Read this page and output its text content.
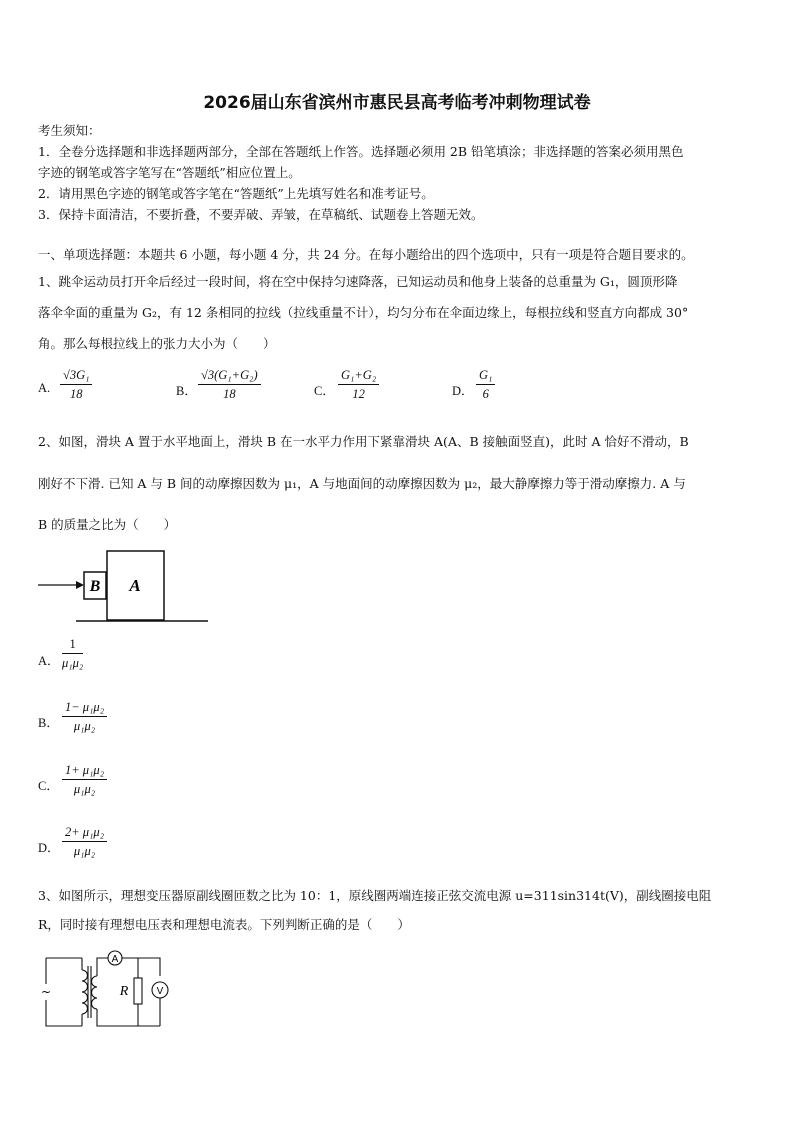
2026届山东省滨州市惠民县高考临考冲刺物理试卷
考生须知：
1．全卷分选择题和非选择题两部分，全部在答题纸上作答。选择题必须用 2B 铅笔填涂；非选择题的答案必须用黑色
字迹的钢笔或答字笔写在“答题纸”相应位置上。
2．请用黑色字迹的钢笔或答字笔在“答题纸”上先填写姓名和准考证号。
3．保持卡面清洁，不要折叠，不要弄破、弄皱，在草稿纸、试题卷上答题无效。
一、单项选择题：本题共 6 小题，每小题 4 分，共 24 分。在每小题给出的四个选项中，只有一项是符合题目要求的。
1、跳伞运动员打开伞后经过一段时间，将在空中保持匀速降落，已知运动员和他身上装备的总重量为 G₁，圆顶形降
落伞伞面的重量为 G₂，有 12 条相同的拉线（拉线重量不计），均匀分布在伞面边缘上，每根拉线和竖直方向都成 30°
角。那么每根拉线上的张力大小为（　　）
A. $\frac{\text{√3G₁}}{18}$	B． $\frac{\text{√3(G₁+G₂)}}{18}$	C． $\frac{\text{G₁+G₂}}{12}$	D． $\frac{\text{G₁}}{6}$
2、如图，滑块 A 置于水平地面上，滑块 B 在一水平力作用下紧靠滑块 A(A、B 接触面竖直)，此时 A 恰好不滑动，B
刚好不下滑. 已知 A 与 B 间的动摩擦因数为 μ₁，A 与地面间的动摩擦因数为 μ₂，最大静摩擦力等于滑动摩擦力. A 与
B 的质量之比为（　　）
B A
A． $\frac{1}{\text{μ₁μ₂}}$
B． $\frac{\text{1− μ₁μ₂}}{\text{μ₁μ₂}}$
C． $\frac{\text{1+ μ₁μ₂}}{\text{μ₁μ₂}}$
D． $\frac{\text{2+ μ₁μ₂}}{\text{μ₁μ₂}}$
3、如图所示，理想变压器原副线圈匝数之比为 10：1，原线圈两端连接正弦交流电源 u=311sin314t(V)，副线圈接电阻
R，同时接有理想电压表和理想电流表。下列判断正确的是（　　）
~
A
R	V
